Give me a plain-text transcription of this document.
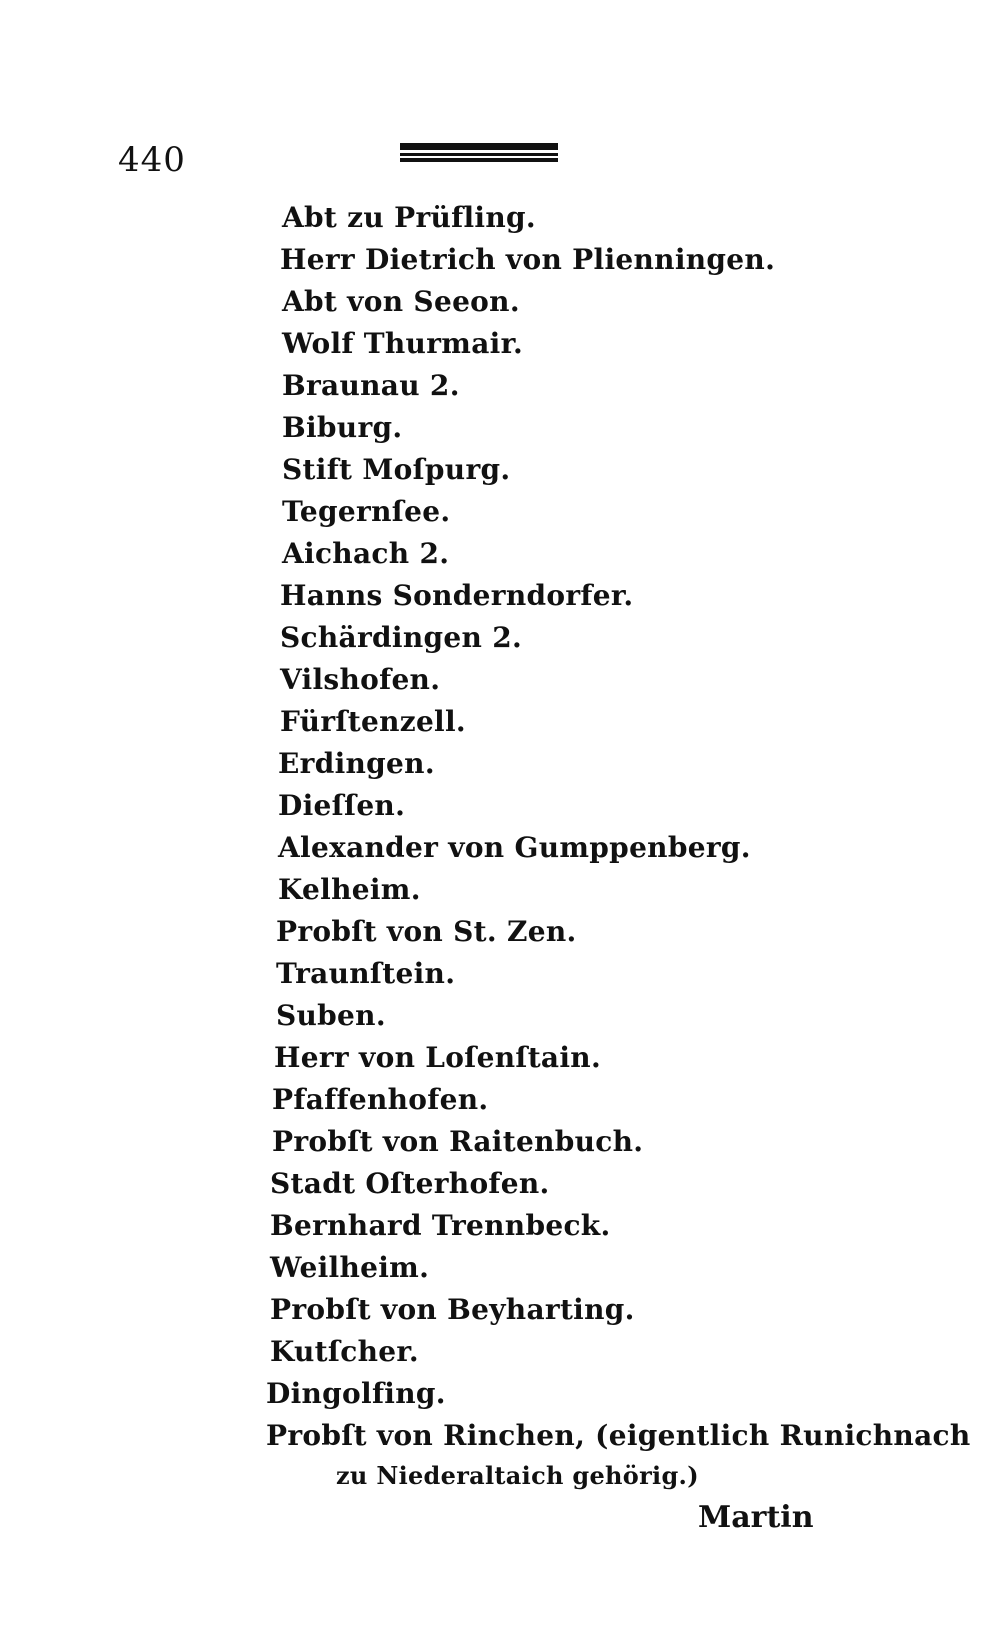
440
Abt zu Prüfling.
Herr Dietrich von Plienningen.
Abt von Seeon.
Wolf Thurmair.
Braunau 2.
Biburg.
Stift Moſpurg.
Tegernſee.
Aichach 2.
Hanns Sonderndorfer.
Schärdingen 2.
Vilshofen.
Fürſtenzell.
Erdingen.
Dieſſen.
Alexander von Gumppenberg.
Kelheim.
Probſt von St. Zen.
Traunſtein.
Suben.
Herr von Loſenſtain.
Pfaffenhofen.
Probſt von Raitenbuch.
Stadt Oſterhofen.
Bernhard Trennbeck.
Weilheim.
Probſt von Beyharting.
Kutſcher.
Dingolfing.
Probſt von Rinchen, (eigentlich Runichnach
zu Niederaltaich gehörig.)
Martin
